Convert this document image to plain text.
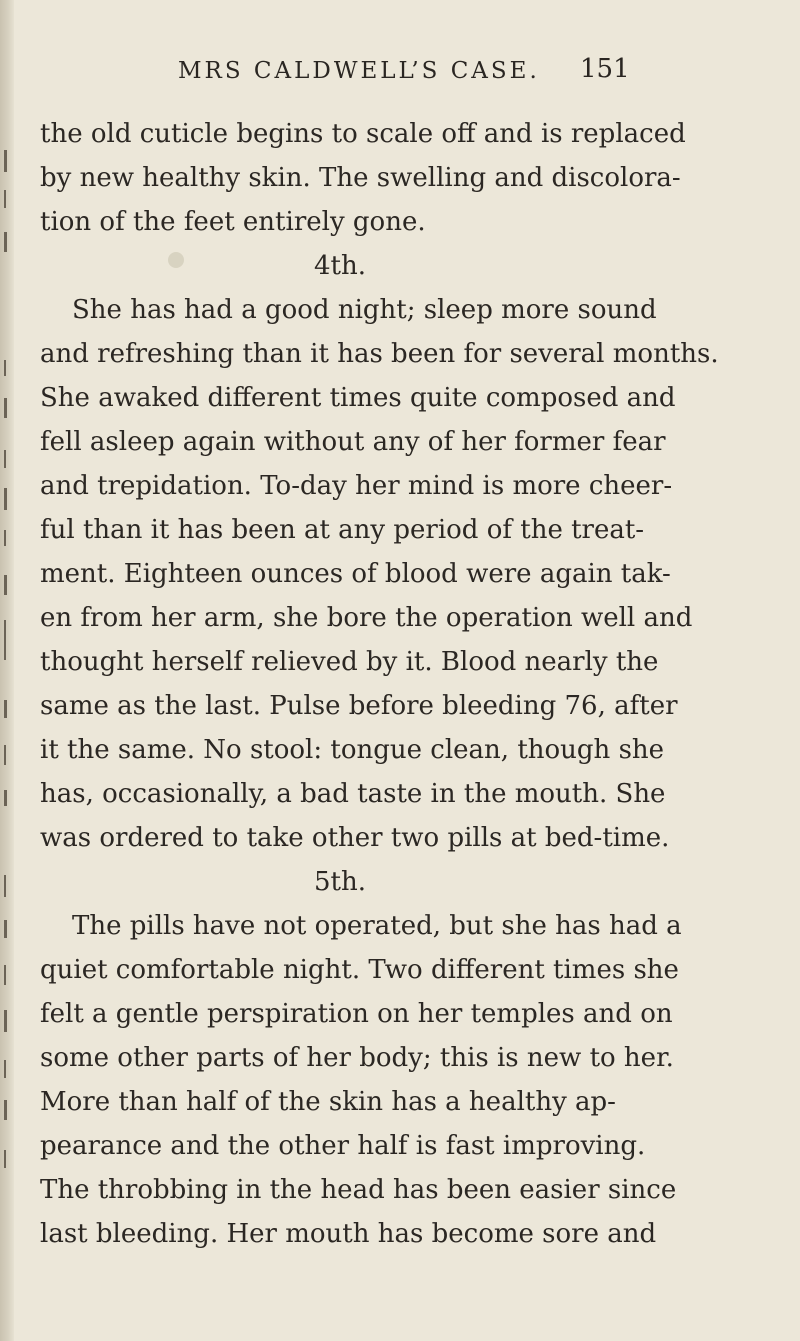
MRS CALDWELL’S CASE. 151
the old cuticle begins to scale off and is replaced
by new healthy skin. The swelling and discolora-
tion of the feet entirely gone.
4th.
She has had a good night; sleep more sound
and refreshing than it has been for several months.
She awaked different times quite composed and
fell asleep again without any of her former fear
and trepidation. To-day her mind is more cheer-
ful than it has been at any period of the treat-
ment. Eighteen ounces of blood were again tak-
en from her arm, she bore the operation well and
thought herself relieved by it. Blood nearly the
same as the last. Pulse before bleeding 76, after
it the same. No stool: tongue clean, though she
has, occasionally, a bad taste in the mouth. She
was ordered to take other two pills at bed-time.
5th.
The pills have not operated, but she has had a
quiet comfortable night. Two different times she
felt a gentle perspiration on her temples and on
some other parts of her body; this is new to her.
More than half of the skin has a healthy ap-
pearance and the other half is fast improving.
The throbbing in the head has been easier since
last bleeding. Her mouth has become sore and
